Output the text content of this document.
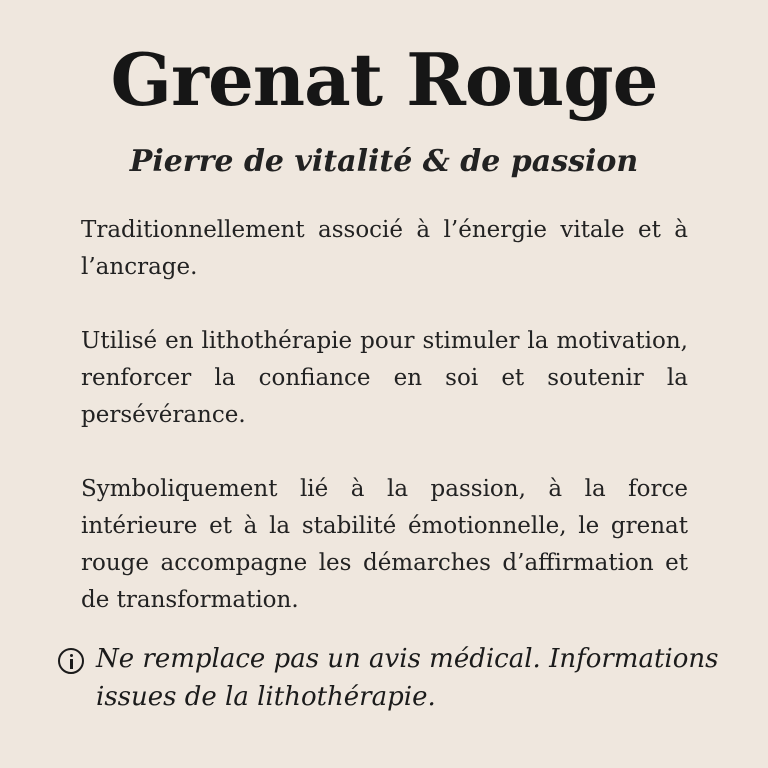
Grenat Rouge
Pierre de vitalité & de passion

Traditionnellement associé à l’énergie vitale et à l’ancrage.

Utilisé en lithothérapie pour stimuler la motivation, renforcer la confiance en soi et soutenir la persévérance.

Symboliquement lié à la passion, à la force intérieure et à la stabilité émotionnelle, le grenat rouge accompagne les démarches d’affirmation et de transformation.

Ne remplace pas un avis médical. Informations issues de la lithothérapie.
